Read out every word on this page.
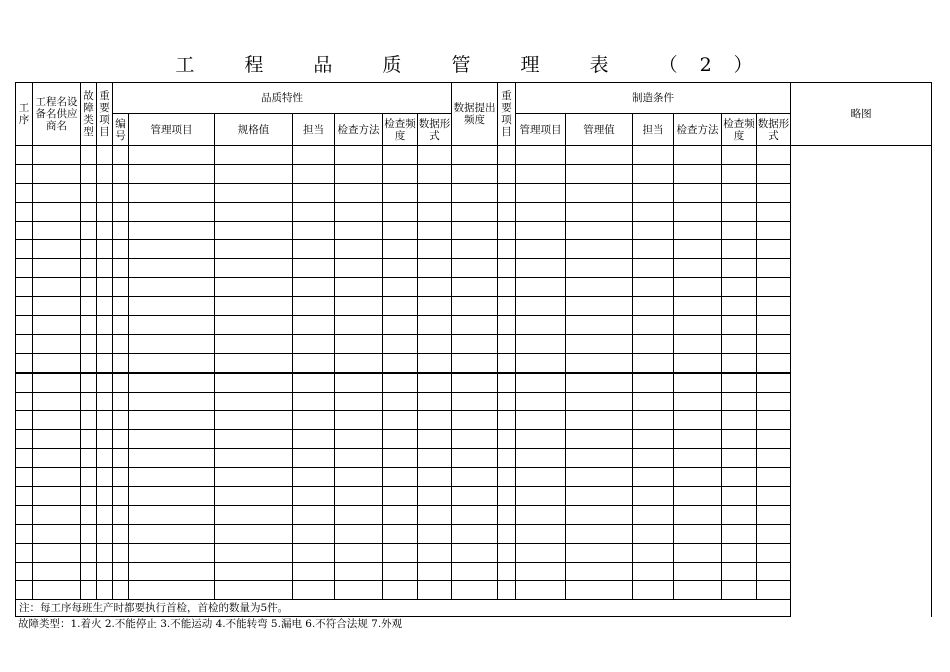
工 程 品 质 管 理 表 （2）
工序	工程名设备名供应商名	故障类型	重要项目	品质特性							数据提出频度	重要项目	制造条件						略图
				编号	管理项目	规格值	担当	检查方法	检查频度	数据形式			管理项目	管理值	担当	检查方法	检查频度	数据形式	

注：每工序每班生产时都要执行首检，首检的数量为5件。																			
故障类型：1.着火 2.不能停止 3.不能运动 4.不能转弯 5.漏电 6.不符合法规 7.外观
